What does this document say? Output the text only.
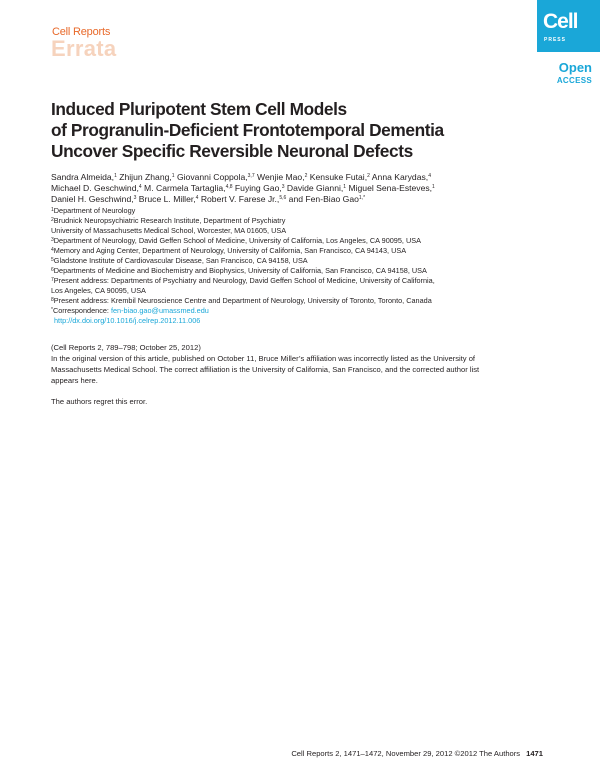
Cell Reports
Errata
Cell
PRESS
Open
ACCESS
Induced Pluripotent Stem Cell Models
of Progranulin-Deficient Frontotemporal Dementia
Uncover Specific Reversible Neuronal Defects
Sandra Almeida,$^1$ Zhijun Zhang,$^1$ Giovanni Coppola,$^{3,7}$ Wenjie Mao,$^2$ Kensuke Futai,$^2$ Anna Karydas,$^4$
Michael D. Geschwind,$^4$ M. Carmela Tartaglia,$^{4,8}$ Fuying Gao,$^3$ Davide Gianni,$^1$ Miguel Sena-Esteves,$^1$
Daniel H. Geschwind,$^3$ Bruce L. Miller,$^4$ Robert V. Farese Jr.,$^{5,6}$ and Fen-Biao Gao$^{1,*}$
$^1$Department of Neurology
$^2$Brudnick Neuropsychiatric Research Institute, Department of Psychiatry
University of Massachusetts Medical School, Worcester, MA 01605, USA
$^3$Department of Neurology, David Geffen School of Medicine, University of California, Los Angeles, CA 90095, USA
$^4$Memory and Aging Center, Department of Neurology, University of California, San Francisco, CA 94143, USA
$^5$Gladstone Institute of Cardiovascular Disease, San Francisco, CA 94158, USA
$^6$Departments of Medicine and Biochemistry and Biophysics, University of California, San Francisco, CA 94158, USA
$^7$Present address: Departments of Psychiatry and Neurology, David Geffen School of Medicine, University of California,
Los Angeles, CA 90095, USA
$^8$Present address: Krembil Neuroscience Centre and Department of Neurology, University of Toronto, Toronto, Canada
*Correspondence: fen-biao.gao@umassmed.edu
http://dx.doi.org/10.1016/j.celrep.2012.11.006
(Cell Reports 2, 789–798; October 25, 2012)
In the original version of this article, published on October 11, Bruce Miller’s affiliation was incorrectly listed as the University of
Massachusetts Medical School. The correct affiliation is the University of California, San Francisco, and the corrected author list
appears here.
The authors regret this error.
Cell Reports 2, 1471–1472, November 29, 2012 ©2012 The Authors 1471
